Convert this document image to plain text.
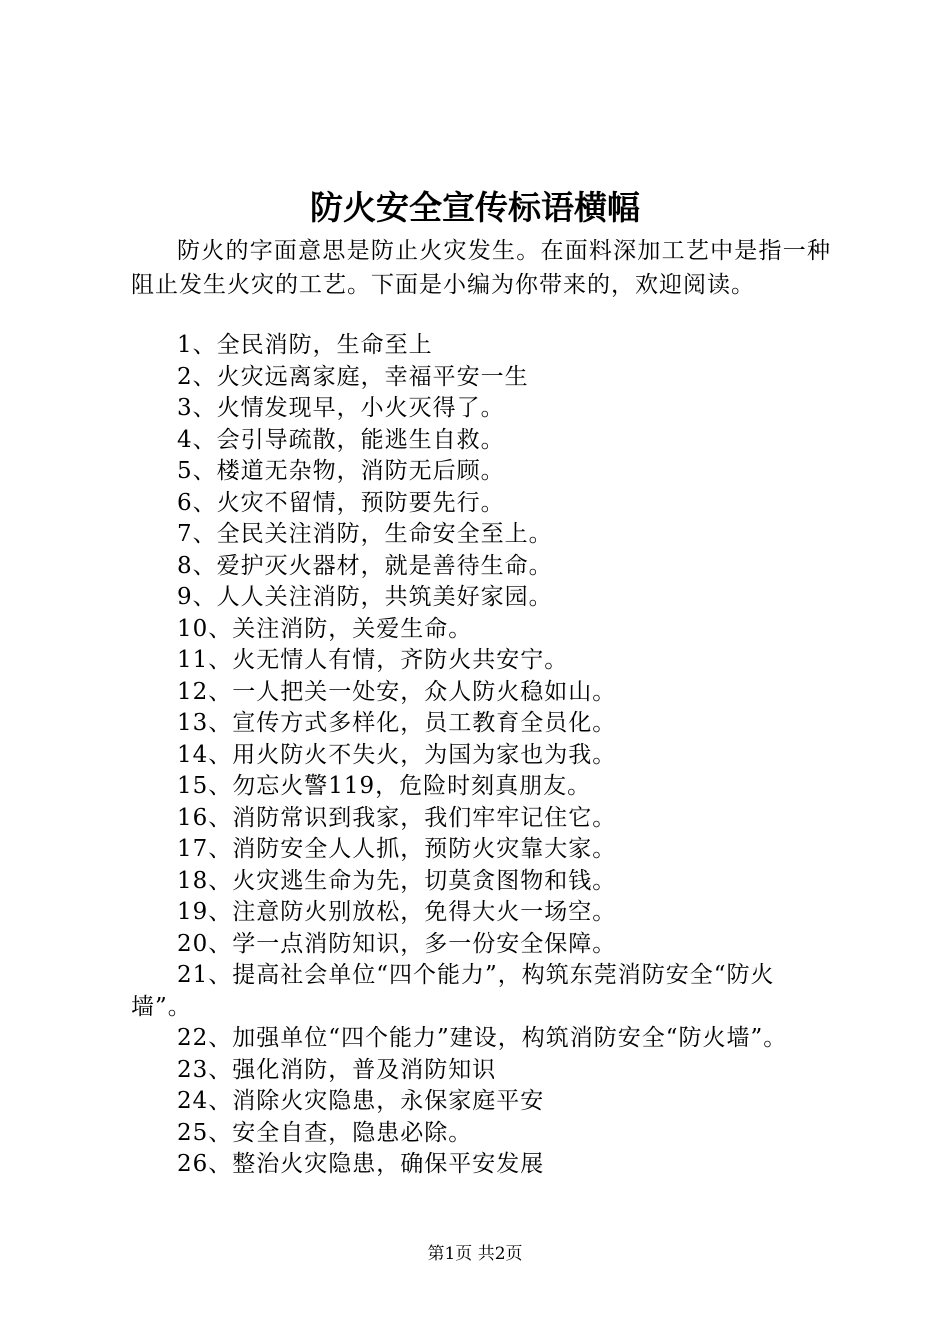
防火安全宣传标语横幅
防火的字面意思是防止火灾发生。在面料深加工艺中是指一种阻止发生火灾的工艺。下面是小编为你带来的，欢迎阅读。
1、全民消防，生命至上
2、火灾远离家庭，幸福平安一生
3、火情发现早，小火灭得了。
4、会引导疏散，能逃生自救。
5、楼道无杂物，消防无后顾。
6、火灾不留情，预防要先行。
7、全民关注消防，生命安全至上。
8、爱护灭火器材，就是善待生命。
9、人人关注消防，共筑美好家园。
10、关注消防，关爱生命。
11、火无情人有情，齐防火共安宁。
12、一人把关一处安，众人防火稳如山。
13、宣传方式多样化，员工教育全员化。
14、用火防火不失火，为国为家也为我。
15、勿忘火警119，危险时刻真朋友。
16、消防常识到我家，我们牢牢记住它。
17、消防安全人人抓，预防火灾靠大家。
18、火灾逃生命为先，切莫贪图物和钱。
19、注意防火别放松，免得大火一场空。
20、学一点消防知识，多一份安全保障。
21、提高社会单位“四个能力”，构筑东莞消防安全“防火墙”。
22、加强单位“四个能力”建设，构筑消防安全“防火墙”。
23、强化消防，普及消防知识
24、消除火灾隐患，永保家庭平安
25、安全自查，隐患必除。
26、整治火灾隐患，确保平安发展
第1页 共2页
